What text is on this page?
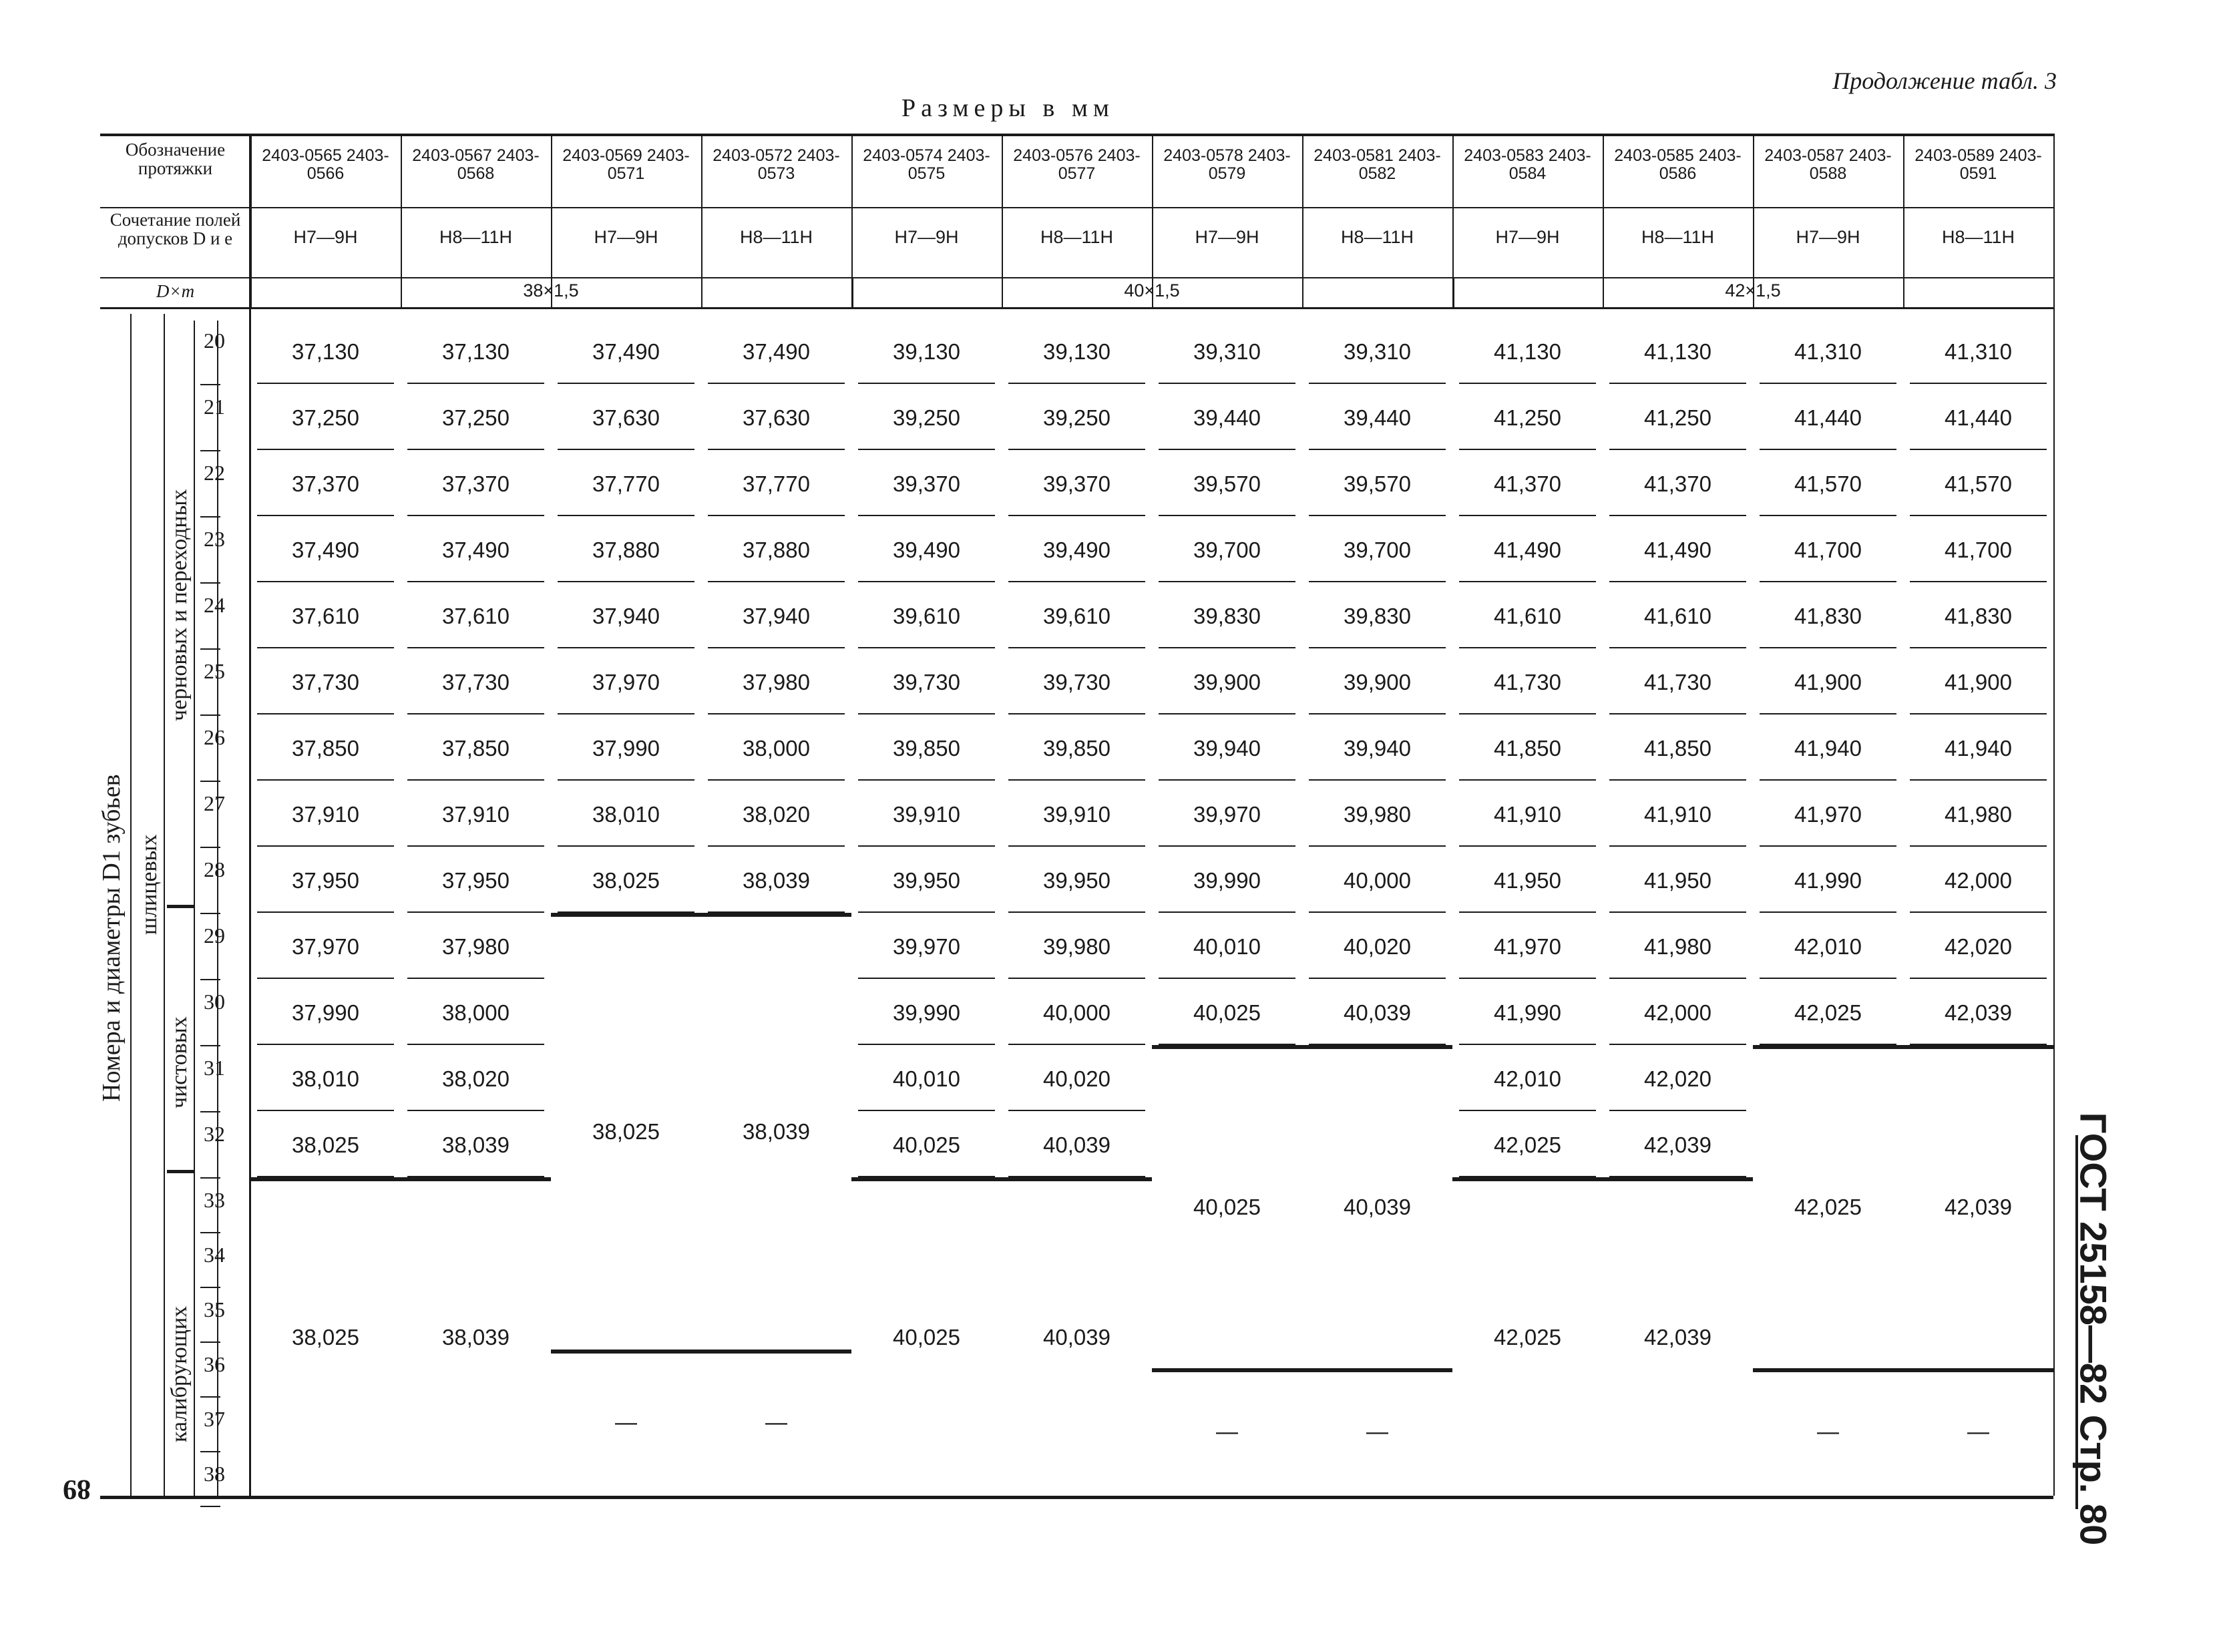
Продолжение табл. 3
Размеры в мм
ГОСТ 25158—82 Стр. 80
89
Обозначение протяжки
Сочетание полей допусков D и e
D×m
2403-0565 2403-0566
H7—9H
2403-0567 2403-0568
H8—11H
2403-0569 2403-0571
H7—9H
2403-0572 2403-0573
H8—11H
2403-0574 2403-0575
H7—9H
2403-0576 2403-0577
H8—11H
2403-0578 2403-0579
H7—9H
2403-0581 2403-0582
H8—11H
2403-0583 2403-0584
H7—9H
2403-0585 2403-0586
H8—11H
2403-0587 2403-0588
H7—9H
2403-0589 2403-0591
H8—11H
38×1,5	40×1,5	42×1,5
Номера и диаметры D1 зубьев шлицевых
черновых и переходных
чистовых
калибрующих
20
21
22
23
24
25
26
27
28
29
30
31
32
33
34
35
36
37
38
37,130
37,250
37,370
37,490
37,610
37,730
37,850
37,910
37,950
37,970
37,990
38,010
38,025
38,025
37,130
37,250
37,370
37,490
37,610
37,730
37,850
37,910
37,950
37,980
38,000
38,020
38,039
38,039
37,490
37,630
37,770
37,880
37,940
37,970
37,990
38,010
38,025
38,025
—
37,490
37,630
37,770
37,880
37,940
37,980
38,000
38,020
38,039
38,039
—
39,130
39,250
39,370
39,490
39,610
39,730
39,850
39,910
39,950
39,970
39,990
40,010
40,025
40,025
39,130
39,250
39,370
39,490
39,610
39,730
39,850
39,910
39,950
39,980
40,000
40,020
40,039
40,039
39,310
39,440
39,570
39,700
39,830
39,900
39,940
39,970
39,990
40,010
40,025
40,025
—
39,310
39,440
39,570
39,700
39,830
39,900
39,940
39,980
40,000
40,020
40,039
40,039
—
41,130
41,250
41,370
41,490
41,610
41,730
41,850
41,910
41,950
41,970
41,990
42,010
42,025
42,025
41,130
41,250
41,370
41,490
41,610
41,730
41,850
41,910
41,950
41,980
42,000
42,020
42,039
42,039
41,310
41,440
41,570
41,700
41,830
41,900
41,940
41,970
41,990
42,010
42,025
42,025
—
41,310
41,440
41,570
41,700
41,830
41,900
41,940
41,980
42,000
42,020
42,039
42,039
—
